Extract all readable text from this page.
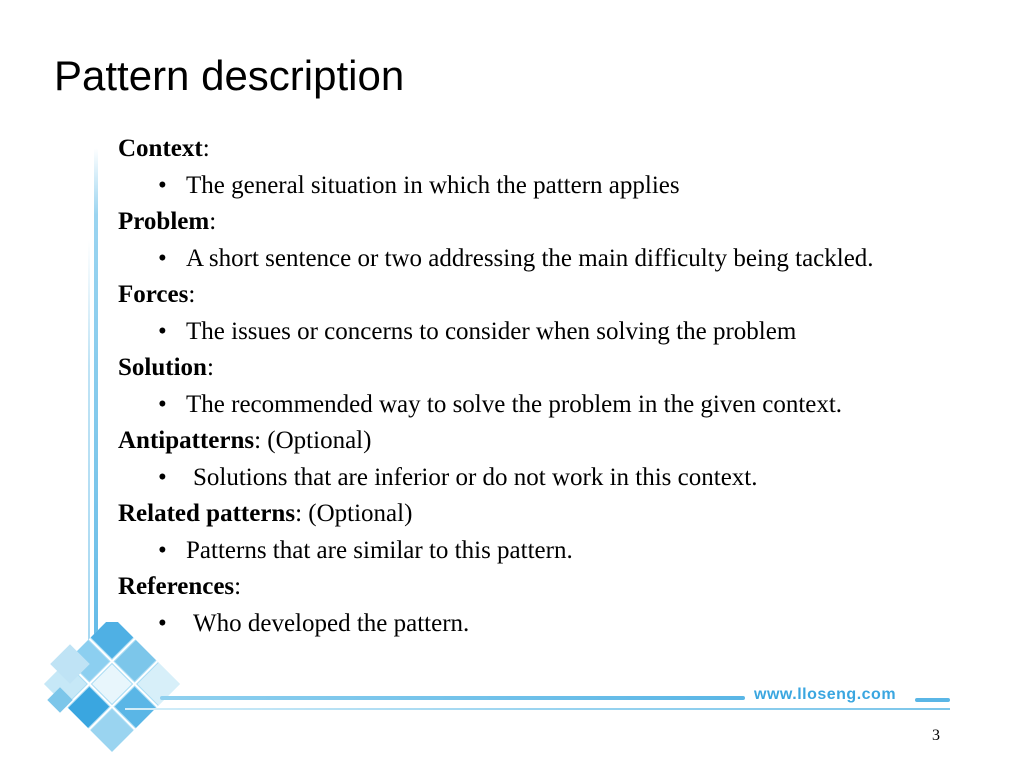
Pattern description
Context:
• The general situation in which the pattern applies
Problem:
• A short sentence or two addressing the main difficulty being tackled.
Forces:
• The issues or concerns to consider when solving the problem
Solution:
• The recommended way to solve the problem in the given context.
Antipatterns: (Optional)
• Solutions that are inferior or do not work in this context.
Related patterns: (Optional)
• Patterns that are similar to this pattern.
References:
• Who developed the pattern.
www.lloseng.com
3
